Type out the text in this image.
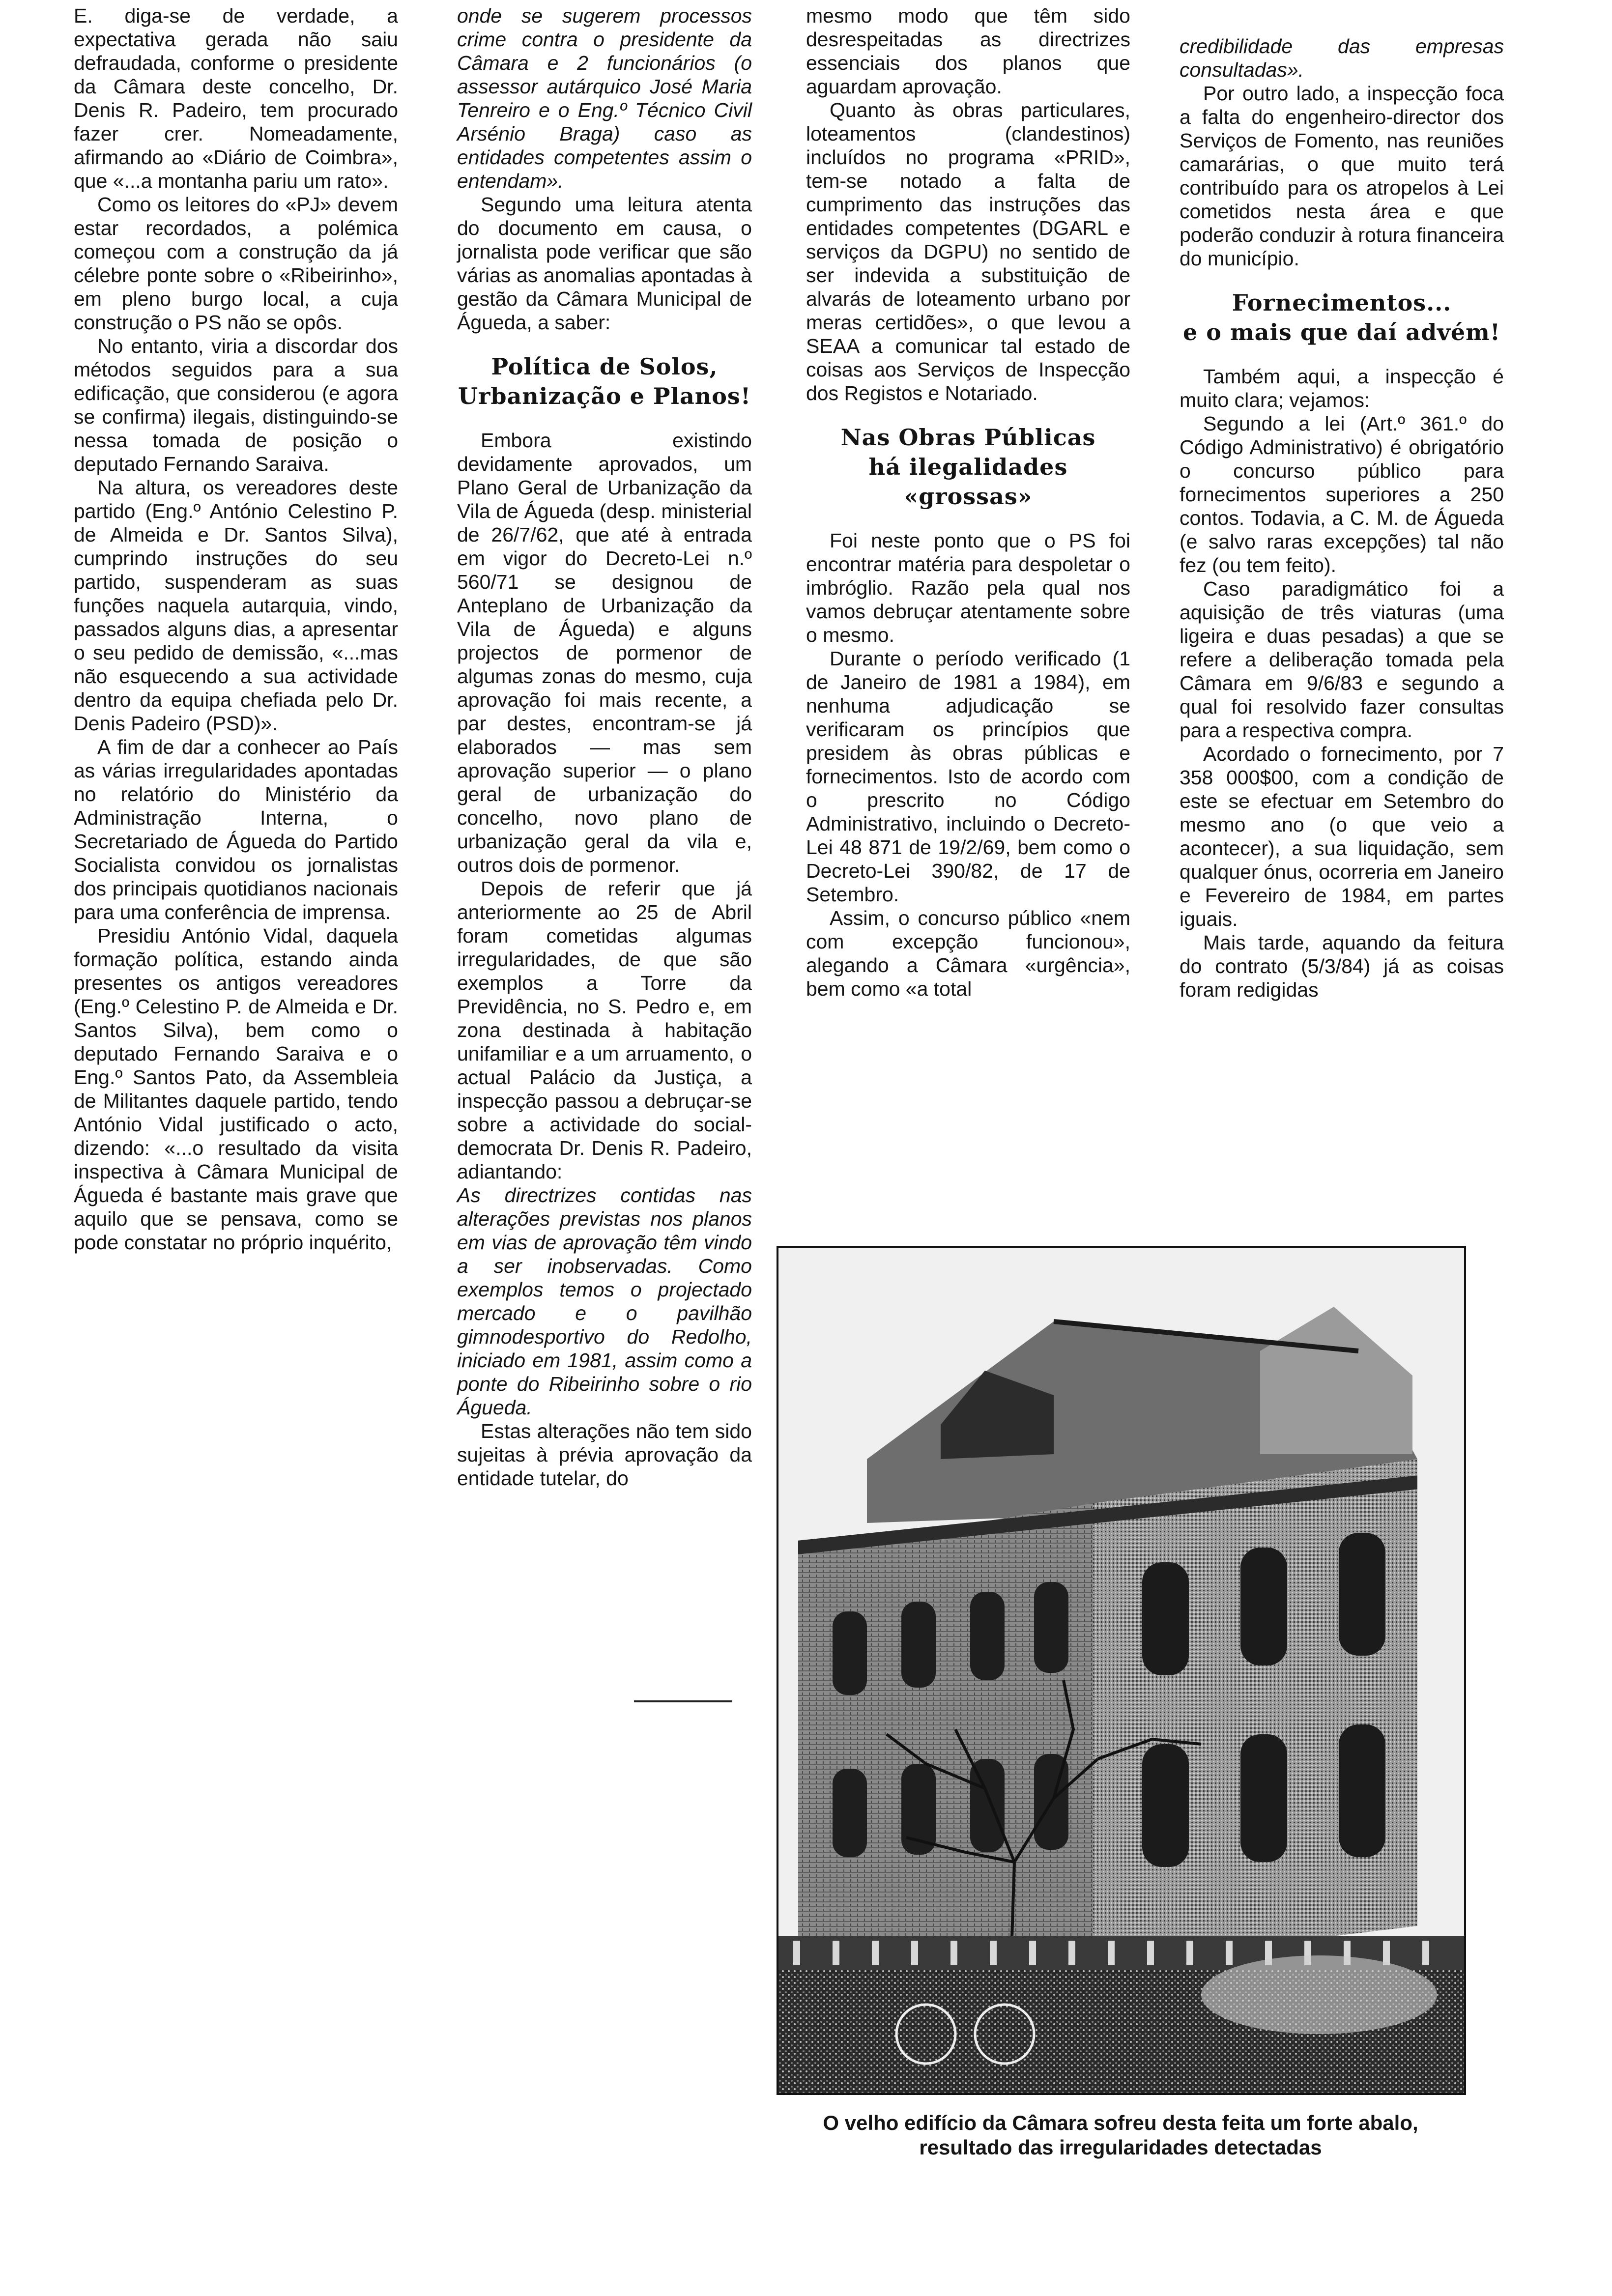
E. diga-se de verdade, a expectativa gerada não saiu defraudada, conforme o presidente da Câmara deste concelho, Dr. Denis R. Padeiro, tem procurado fazer crer. Nomeadamente, afirmando ao «Diário de Coimbra», que «...a montanha pariu um rato».

Como os leitores do «PJ» devem estar recordados, a polémica começou com a construção da já célebre ponte sobre o «Ribeirinho», em pleno burgo local, a cuja construção o PS não se opôs.

No entanto, viria a discordar dos métodos seguidos para a sua edificação, que considerou (e agora se confirma) ilegais, distinguindo-se nessa tomada de posição o deputado Fernando Saraiva.

Na altura, os vereadores deste partido (Eng.º António Celestino P. de Almeida e Dr. Santos Silva), cumprindo instruções do seu partido, suspenderam as suas funções naquela autarquia, vindo, passados alguns dias, a apresentar o seu pedido de demissão, «...mas não esquecendo a sua actividade dentro da equipa chefiada pelo Dr. Denis Padeiro (PSD)».

A fim de dar a conhecer ao País as várias irregularidades apontadas no relatório do Ministério da Administração Interna, o Secretariado de Águeda do Partido Socialista convidou os jornalistas dos principais quotidianos nacionais para uma conferência de imprensa.

Presidiu António Vidal, daquela formação política, estando ainda presentes os antigos vereadores (Eng.º Celestino P. de Almeida e Dr. Santos Silva), bem como o deputado Fernando Saraiva e o Eng.º Santos Pato, da Assembleia de Militantes daquele partido, tendo António Vidal justificado o acto, dizendo: «...o resultado da visita inspectiva à Câmara Municipal de Águeda é bastante mais grave que aquilo que se pensava, como se pode constatar no próprio inquérito,

onde se sugerem processos crime contra o presidente da Câmara e 2 funcionários (o assessor autárquico José Maria Tenreiro e o Eng.º Técnico Civil Arsénio Braga) caso as entidades competentes assim o entendam».

Segundo uma leitura atenta do documento em causa, o jornalista pode verificar que são várias as anomalias apontadas à gestão da Câmara Municipal de Águeda, a saber:

Política de Solos,
Urbanização e Planos!

Embora existindo devidamente aprovados, um Plano Geral de Urbanização da Vila de Águeda (desp. ministerial de 26/7/62, que até à entrada em vigor do Decreto-Lei n.º 560/71 se designou de Anteplano de Urbanização da Vila de Águeda) e alguns projectos de pormenor de algumas zonas do mesmo, cuja aprovação foi mais recente, a par destes, encontram-se já elaborados — mas sem aprovação superior — o plano geral de urbanização do concelho, novo plano de urbanização geral da vila e, outros dois de pormenor.

Depois de referir que já anteriormente ao 25 de Abril foram cometidas algumas irregularidades, de que são exemplos a Torre da Previdência, no S. Pedro e, em zona destinada à habitação unifamiliar e a um arruamento, o actual Palácio da Justiça, a inspecção passou a debruçar-se sobre a actividade do social-democrata Dr. Denis R. Padeiro, adiantando:

As directrizes contidas nas alterações previstas nos planos em vias de aprovação têm vindo a ser inobservadas. Como exemplos temos o projectado mercado e o pavilhão gimnodesportivo do Redolho, iniciado em 1981, assim como a ponte do Ribeirinho sobre o rio Águeda.

Estas alterações não tem sido sujeitas à prévia aprovação da entidade tutelar, do

mesmo modo que têm sido desrespeitadas as directrizes essenciais dos planos que aguardam aprovação.

Quanto às obras particulares, loteamentos (clandestinos) incluídos no programa «PRID», tem-se notado a falta de cumprimento das instruções das entidades competentes (DGARL e serviços da DGPU) no sentido de ser indevida a substituição de alvarás de loteamento urbano por meras certidões», o que levou a SEAA a comunicar tal estado de coisas aos Serviços de Inspecção dos Registos e Notariado.

Nas Obras Públicas
há ilegalidades «grossas»

Foi neste ponto que o PS foi encontrar matéria para despoletar o imbróglio. Razão pela qual nos vamos debruçar atentamente sobre o mesmo.

Durante o período verificado (1 de Janeiro de 1981 a 1984), em nenhuma adjudicação se verificaram os princípios que presidem às obras públicas e fornecimentos. Isto de acordo com o prescrito no Código Administrativo, incluindo o Decreto-Lei 48 871 de 19/2/69, bem como o Decreto-Lei 390/82, de 17 de Setembro.

Assim, o concurso público «nem com excepção funcionou», alegando a Câmara «urgência», bem como «a total

credibilidade das empresas consultadas».

Por outro lado, a inspecção foca a falta do engenheiro-director dos Serviços de Fomento, nas reuniões camarárias, o que muito terá contribuído para os atropelos à Lei cometidos nesta área e que poderão conduzir à rotura financeira do município.

Fornecimentos...
e o mais que daí advém!

Também aqui, a inspecção é muito clara; vejamos:

Segundo a lei (Art.º 361.º do Código Administrativo) é obrigatório o concurso público para fornecimentos superiores a 250 contos. Todavia, a C. M. de Águeda (e salvo raras excepções) tal não fez (ou tem feito).

Caso paradigmático foi a aquisição de três viaturas (uma ligeira e duas pesadas) a que se refere a deliberação tomada pela Câmara em 9/6/83 e segundo a qual foi resolvido fazer consultas para a respectiva compra.

Acordado o fornecimento, por 7 358 000$00, com a condição de este se efectuar em Setembro do mesmo ano (o que veio a acontecer), a sua liquidação, sem qualquer ónus, ocorreria em Janeiro e Fevereiro de 1984, em partes iguais.

Mais tarde, aquando da feitura do contrato (5/3/84) já as coisas foram redigidas

O velho edifício da Câmara sofreu desta feita um forte abalo, resultado das irregularidades detectadas
